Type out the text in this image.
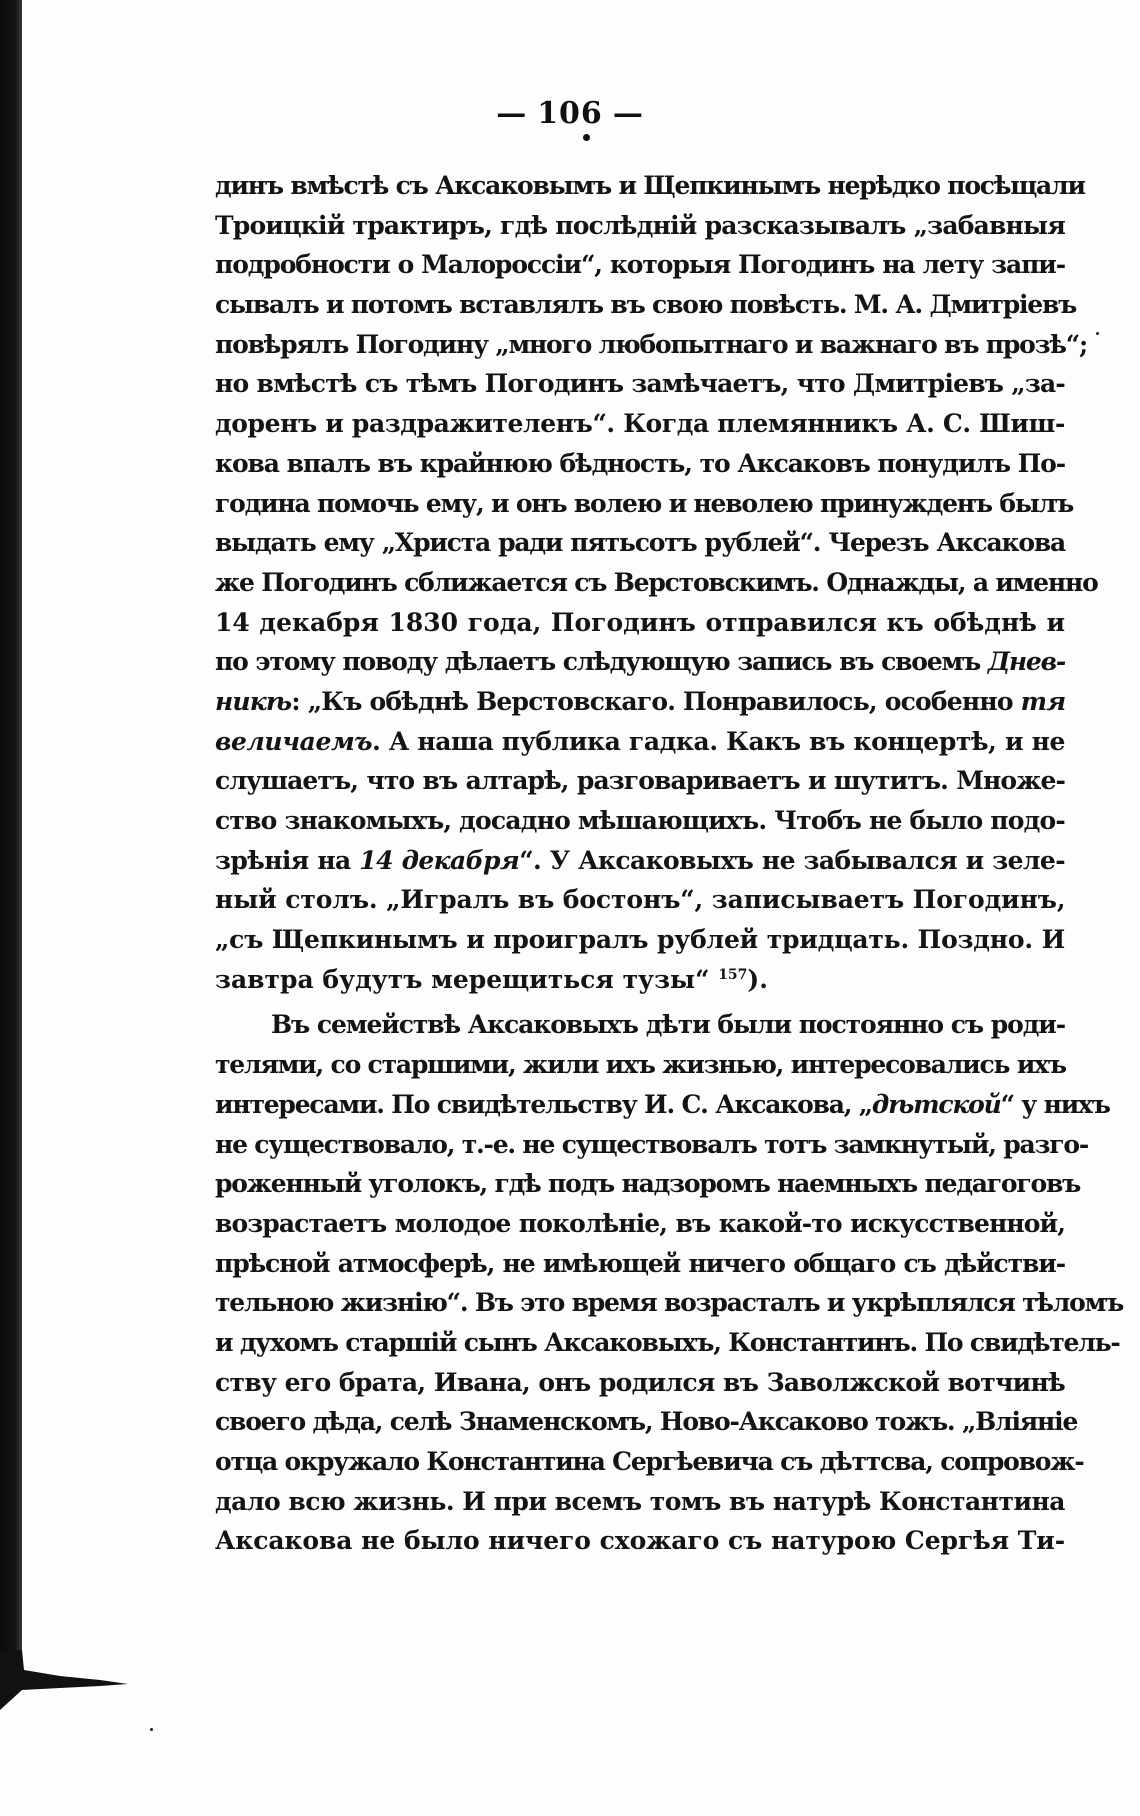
— 106 —
динъ вмѣстѣ съ Аксаковымъ и Щепкинымъ нерѣдко посѣщали
Троицкій трактиръ, гдѣ послѣдній разсказывалъ „забавныя
подробности о Малороссіи“, которыя Погодинъ на лету запи-
сывалъ и потомъ вставлялъ въ свою повѣсть. М. А. Дмитріевъ
повѣрялъ Погодину „много любопытнаго и важнаго въ прозѣ“;
но вмѣстѣ съ тѣмъ Погодинъ замѣчаетъ, что Дмитріевъ „за-
доренъ и раздражителенъ“. Когда племянникъ А. С. Шиш-
кова впалъ въ крайнюю бѣдность, то Аксаковъ понудилъ По-
година помочь ему, и онъ волею и неволею принужденъ былъ
выдать ему „Христа ради пятьсотъ рублей“. Черезъ Аксакова
же Погодинъ сближается съ Верстовскимъ. Однажды, а именно
14 декабря 1830 года, Погодинъ отправился къ обѣднѣ и
по этому поводу дѣлаетъ слѣдующую запись въ своемъ Днев-
никѣ: „Къ обѣднѣ Верстовскаго. Понравилось, особенно тя
величаемъ. А наша публика гадка. Какъ въ концертѣ, и не
слушаетъ, что въ алтарѣ, разговариваетъ и шутитъ. Множе-
ство знакомыхъ, досадно мѣшающихъ. Чтобъ не было подо-
зрѣнія на 14 декабря“. У Аксаковыхъ не забывался и зеле-
ный столъ. „Игралъ въ бостонъ“, записываетъ Погодинъ,
„съ Щепкинымъ и проигралъ рублей тридцать. Поздно. И
завтра будутъ мерещиться тузы“ $^{157}$).
Въ семействѣ Аксаковыхъ дѣти были постоянно съ роди-
телями, со старшими, жили ихъ жизнью, интересовались ихъ
интересами. По свидѣтельству И. С. Аксакова, „дѣтской“ у нихъ
не существовало, т.-е. не существовалъ тотъ замкнутый, разго-
роженный уголокъ, гдѣ подъ надзоромъ наемныхъ педагоговъ
возрастаетъ молодое поколѣніе, въ какой-то искусственной,
прѣсной атмосферѣ, не имѣющей ничего общаго съ дѣйстви-
тельною жизнію“. Въ это время возрасталъ и укрѣплялся тѣломъ
и духомъ старшій сынъ Аксаковыхъ, Константинъ. По свидѣтель-
ству его брата, Ивана, онъ родился въ Заволжской вотчинѣ
своего дѣда, селѣ Знаменскомъ, Ново-Аксаково тожъ. „Вліяніе
отца окружало Константина Сергѣевича съ дѣттсва, сопровож-
дало всю жизнь. И при всемъ томъ въ натурѣ Константина
Аксакова не было ничего схожаго съ натурою Сергѣя Ти-
